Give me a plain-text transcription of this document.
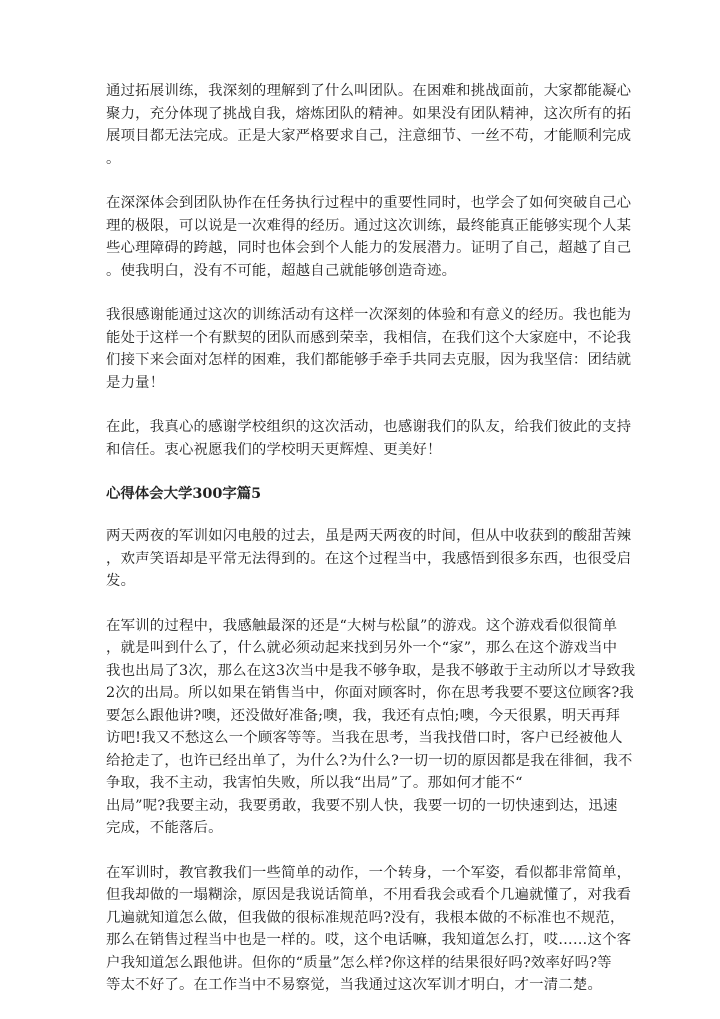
通过拓展训练，我深刻的理解到了什么叫团队。在困难和挑战面前，大家都能凝心
聚力，充分体现了挑战自我，熔炼团队的精神。如果没有团队精神，这次所有的拓
展项目都无法完成。正是大家严格要求自己，注意细节、一丝不苟，才能顺利完成
。

在深深体会到团队协作在任务执行过程中的重要性同时，也学会了如何突破自己心
理的极限，可以说是一次难得的经历。通过这次训练，最终能真正能够实现个人某
些心理障碍的跨越，同时也体会到个人能力的发展潜力。证明了自己，超越了自己
。使我明白，没有不可能，超越自己就能够创造奇迹。

我很感谢能通过这次的训练活动有这样一次深刻的体验和有意义的经历。我也能为
能处于这样一个有默契的团队而感到荣幸，我相信，在我们这个大家庭中，不论我
们接下来会面对怎样的困难，我们都能够手牵手共同去克服，因为我坚信：团结就
是力量！

在此，我真心的感谢学校组织的这次活动，也感谢我们的队友，给我们彼此的支持
和信任。衷心祝愿我们的学校明天更辉煌、更美好！

心得体会大学300字篇5

两天两夜的军训如闪电般的过去，虽是两天两夜的时间，但从中收获到的酸甜苦辣
，欢声笑语却是平常无法得到的。在这个过程当中，我感悟到很多东西，也很受启
发。

在军训的过程中，我感触最深的还是“大树与松鼠”的游戏。这个游戏看似很简单
，就是叫到什么了，什么就必须动起来找到另外一个“家”，那么在这个游戏当中
我也出局了3次，那么在这3次当中是我不够争取，是我不够敢于主动所以才导致我
2次的出局。所以如果在销售当中，你面对顾客时，你在思考我要不要这位顾客?我
要怎么跟他讲?噢，还没做好准备;噢，我，我还有点怕;噢，今天很累，明天再拜
访吧!我又不愁这么一个顾客等等。当我在思考，当我找借口时，客户已经被他人
给抢走了，也许已经出单了，为什么?为什么?一切一切的原因都是我在徘徊，我不
争取，我不主动，我害怕失败，所以我“出局”了。那如何才能不“
出局”呢?我要主动，我要勇敢，我要不别人快，我要一切的一切快速到达，迅速
完成，不能落后。

在军训时，教官教我们一些简单的动作，一个转身，一个军姿，看似都非常简单，
但我却做的一塌糊涂，原因是我说话简单，不用看我会或看个几遍就懂了，对我看
几遍就知道怎么做，但我做的很标准规范吗?没有，我根本做的不标准也不规范，
那么在销售过程当中也是一样的。哎，这个电话嘛，我知道怎么打，哎……这个客
户我知道怎么跟他讲。但你的“质量”怎么样?你这样的结果很好吗?效率好吗?等
等太不好了。在工作当中不易察觉，当我通过这次军训才明白，才一清二楚。
